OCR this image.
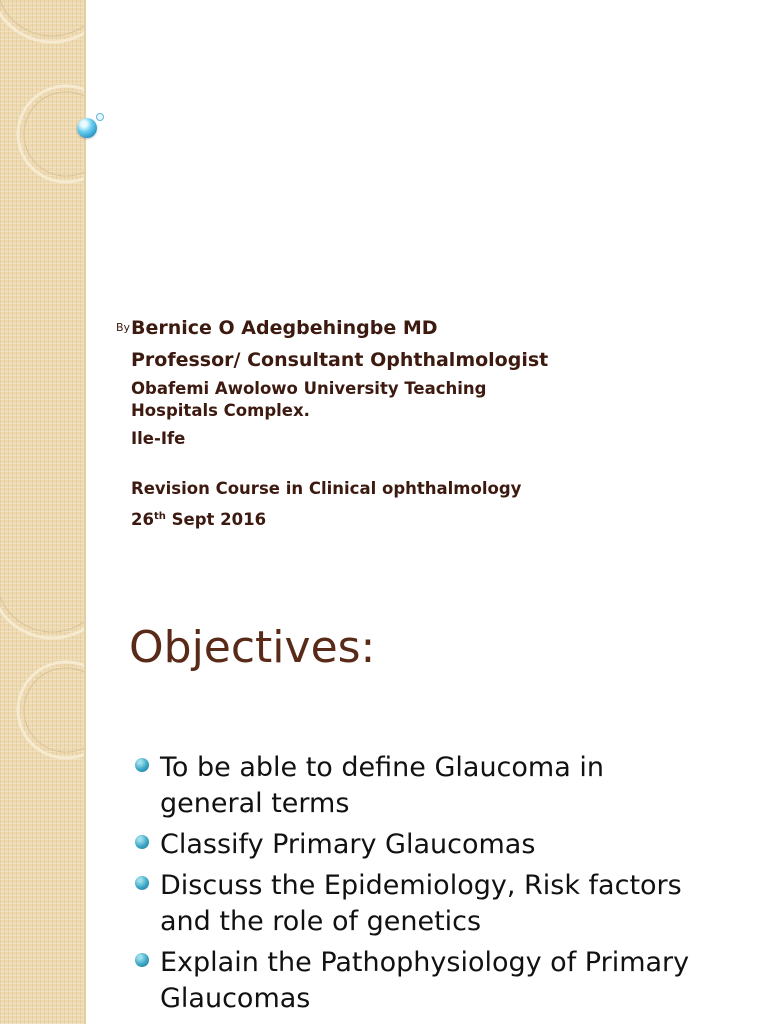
By Bernice O Adegbehingbe MD
Professor/ Consultant Ophthalmologist
Obafemi Awolowo University Teaching Hospitals Complex.
Ile-Ife
Revision Course in Clinical ophthalmology
26th Sept 2016
Objectives:
To be able to define Glaucoma in general terms
Classify Primary Glaucomas
Discuss the Epidemiology, Risk factors and the role of genetics
Explain the Pathophysiology of Primary Glaucomas
